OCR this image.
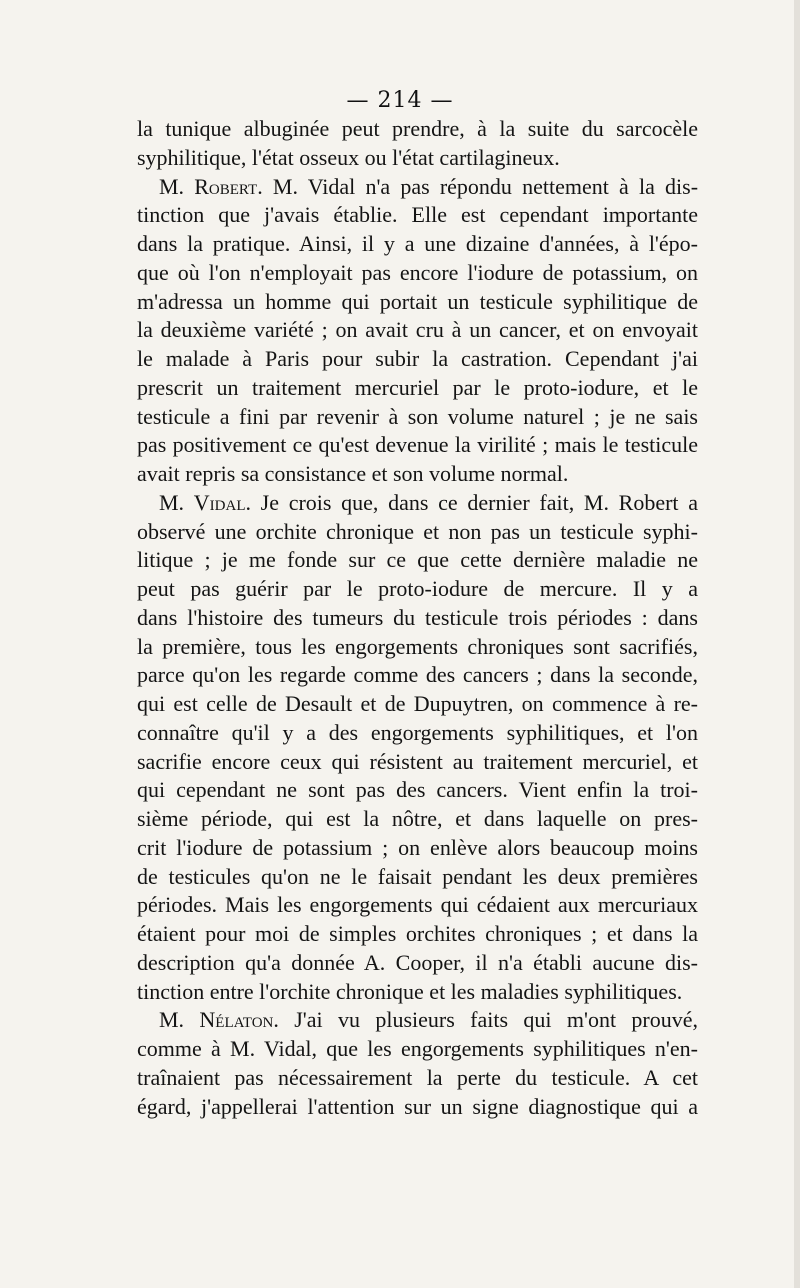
— 214 —
la tunique albuginée peut prendre, à la suite du sarcocèle
syphilitique, l'état osseux ou l'état cartilagineux.
M. Robert. M. Vidal n'a pas répondu nettement à la dis-
tinction que j'avais établie. Elle est cependant importante
dans la pratique. Ainsi, il y a une dizaine d'années, à l'épo-
que où l'on n'employait pas encore l'iodure de potassium, on
m'adressa un homme qui portait un testicule syphilitique de
la deuxième variété ; on avait cru à un cancer, et on envoyait
le malade à Paris pour subir la castration. Cependant j'ai
prescrit un traitement mercuriel par le proto-iodure, et le
testicule a fini par revenir à son volume naturel ; je ne sais
pas positivement ce qu'est devenue la virilité ; mais le testicule
avait repris sa consistance et son volume normal.
M. Vidal. Je crois que, dans ce dernier fait, M. Robert a
observé une orchite chronique et non pas un testicule syphi-
litique ; je me fonde sur ce que cette dernière maladie ne
peut pas guérir par le proto-iodure de mercure. Il y a
dans l'histoire des tumeurs du testicule trois périodes : dans
la première, tous les engorgements chroniques sont sacrifiés,
parce qu'on les regarde comme des cancers ; dans la seconde,
qui est celle de Desault et de Dupuytren, on commence à re-
connaître qu'il y a des engorgements syphilitiques, et l'on
sacrifie encore ceux qui résistent au traitement mercuriel, et
qui cependant ne sont pas des cancers. Vient enfin la troi-
sième période, qui est la nôtre, et dans laquelle on pres-
crit l'iodure de potassium ; on enlève alors beaucoup moins
de testicules qu'on ne le faisait pendant les deux premières
périodes. Mais les engorgements qui cédaient aux mercuriaux
étaient pour moi de simples orchites chroniques ; et dans la
description qu'a donnée A. Cooper, il n'a établi aucune dis-
tinction entre l'orchite chronique et les maladies syphilitiques.
M. Nélaton. J'ai vu plusieurs faits qui m'ont prouvé,
comme à M. Vidal, que les engorgements syphilitiques n'en-
traînaient pas nécessairement la perte du testicule. A cet
égard, j'appellerai l'attention sur un signe diagnostique qui a
